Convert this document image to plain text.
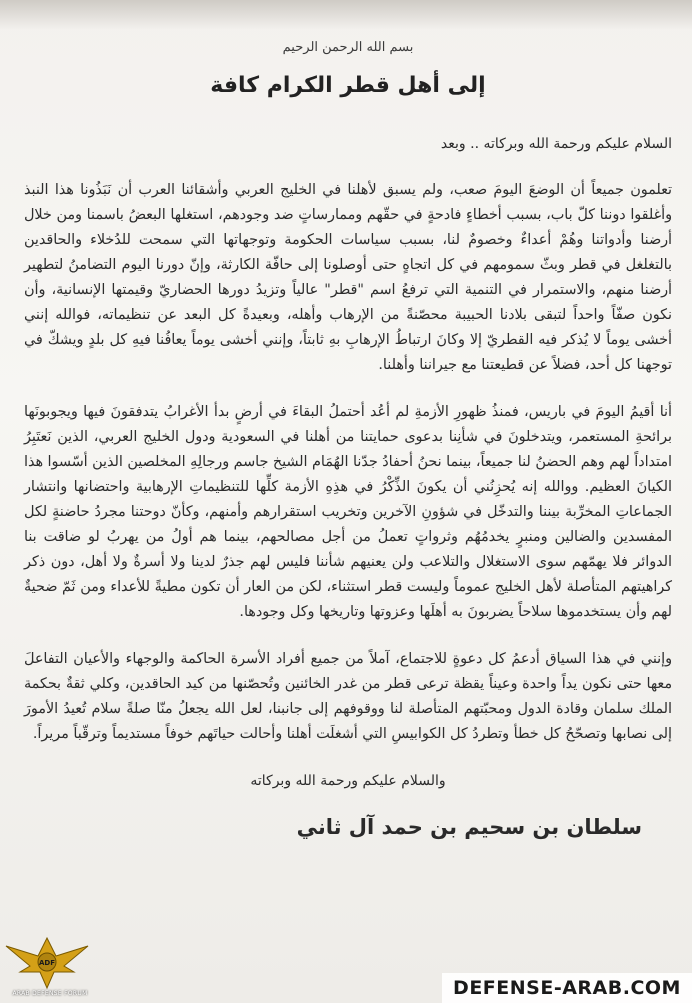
بسم الله الرحمن الرحيم
إلى أهل قطر الكرام كافة
السلام عليكم ورحمة الله وبركاته .. وبعد

تعلمون جميعاً أن الوضعَ اليومَ صعب، ولم يسبق لأهلنا في الخليج العربي وأشقائنا العرب أن نَبَذُونا هذا النبذ وأغلقوا دوننا كلّ باب، بسبب أخطاءٍ فادحةٍ في حقّهم وممارساتٍ ضد وجودهم، استغلها البعضُ باسمنا ومن خلال أرضنا وأدواتنا وهُمْ أعداءٌ وخصومٌ لنا، بسبب سياسات الحكومة وتوجهاتها التي سمحت للدُخلاء والحاقدين بالتغلغل في قطر وبثّ سمومهم في كل اتجاهٍ حتى أوصلونا إلى حافّة الكارثة، وإنّ دورنا اليوم التضامنُ لتطهير أرضنا منهم، والاستمرار في التنمية التي ترفعُ اسم "قطر" عالياً وتزيدُ دورها الحضاريّ وقيمتها الإنسانية، وأن نكون صفّاً واحداً لتبقى بلادنا الحبيبة محصّنةً من الإرهاب وأهله، وبعيدةً كل البعد عن تنظيماته، فوالله إنني أخشى يوماً لا يُذكر فيه القطريّ إلا وكانَ ارتباطُ الإرهابِ بهِ ثابتاً، وإنني أخشى يوماً يعافُنا فيهِ كل بلدٍ ويشكّ في توجهنا كل أحد، فضلاً عن قطيعتنا مع جيراننا وأهلنا.

أنا أقيمُ اليومَ في باريس، فمنذُ ظهورِ الأزمةِ لم أعُد أحتملُ البقاءَ في أرضٍ بدأ الأغرابُ يتدفقونَ فيها ويجوبونَها برائحةِ المستعمر، ويتدخلونَ في شأنِنا بدعوى حمايتنا من أهلنا في السعودية ودول الخليج العربي، الذين نَعتَبِرُ امتداداً لهم وهم الحضنُ لنا جميعاً، بينما نحنُ أحفادُ جدّنا الهُمَام الشيخ جاسم ورجالِهِ المخلصين الذين أسّسوا هذا الكيانَ العظيم. ووالله إنه يُحزِنُني أن يكونَ الذِّكْرُ في هذِهِ الأزمة كلِّها للتنظيماتِ الإرهابية واحتضانها وانتشار الجماعاتِ المخرِّبة بيننا والتدخّل في شؤونِ الآخرين وتخريب استقرارهم وأمنهم، وكأنّ دوحتنا مجردُ حاضنةٍ لكل المفسدين والضالين ومنبرٍ يخدمُهُم وثرواتٍ تعملُ من أجل مصالحهم، بينما هم أولُ من يهربُ لو ضاقت بنا الدوائر فلا يهمّهم سوى الاستغلال والتلاعب ولن يعنيهم شأننا فليس لهم جذرٌ لدينا ولا أسرةٌ ولا أهل، دون ذكر كراهيتهم المتأصلة لأهل الخليج عموماً وليست قطر استثناء، لكن من العار أن تكون مطيةً للأعداء ومن ثَمّ ضحيةٌ لهم وأن يستخدموها سلاحاً يضربونَ به أهلَها وعزوتها وتاريخها وكل وجودها.

وإنني في هذا السياق أدعمُ كل دعوةٍ للاجتماع، آملاً من جميع أفراد الأسرة الحاكمة والوجهاء والأعيان التفاعلَ معها حتى نكون يداً واحدة وعيناً يقظة ترعى قطر من غدر الخائنين وتُحصّنها من كيد الحاقدين، وكلي ثقةٌ بحكمة الملك سلمان وقادة الدول ومحبّتهم المتأصلة لنا ووقوفهم إلى جانبنا، لعل الله يجعلُ منّا صلةً سلام تُعيدُ الأمورَ إلى نصابها وتصحّحُ كل خطأ وتطردُ كل الكوابيسِ التي أشغلَت أهلنا وأحالت حياتَهم خوفاً مستديماً وترقّباً مريراً.

والسلام عليكم ورحمة الله وبركاته
سلطان بن سحيم بن حمد آل ثاني
ADF
ARAB DEFENSE FORUM	DEFENSE-ARAB.COM
